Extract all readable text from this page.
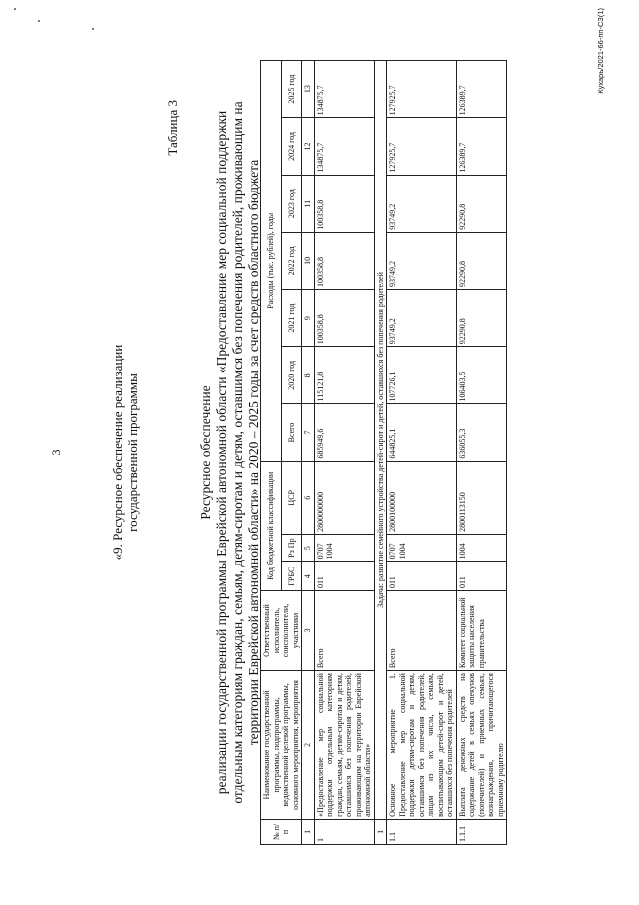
3	«9. Ресурсное обеспечение реализации государственной программы
Таблица 3
Ресурсное обеспечение реализации государственной программы Еврейской автономной области «Предоставление мер социальной поддержки отдельным категориям граждан, семьям, детям-сиротам и детям, оставшимся без попечения родителей, проживающим на территории Еврейской автономной области» на 2020 – 2025 годы за счет средств областного бюджета
№ п/п	Наименование государственной программы, подпрограммы, ведомственной целевой программы, основного мероприятия, мероприятия	Ответственный исполнитель, соисполнители, участники	Код бюджетной классификации			Расходы (тыс. рублей), годы						
			ГРБС	Рз Пр	ЦСР	Всего	2020 год	2021 год	2022 год	2023 год	2024 год	2025 год
1	2	3	4	5	6	7	8	9	10	11	12	13
1	«Предоставление мер социальной поддержки отдельным категориям граждан, семьям, детям-сиротам и детям, оставшимся без попечения родителей, проживающим на территории Еврейской автономной области»	Всего	011	0707 1004	2800000000	685949,6	115121,8	100358,8	100358,8	100358,8	134875,7	134875,7
1	Задача: развитие семейного устройства детей-сирот и детей, оставшихся без попечения родителей											
1.1	Основное мероприятие 1. Предоставление мер социальной поддержки детям-сиротам и детям, оставшимся без попечения родителей, лицам из их числа, семьям, воспитывающим детей-сирот и детей, оставшихся без попечения родителей	Всего	011	0707 1004	2800100000	644825,1	107726,1	93749,2	93749,2	93749,2	127925,7	127925,7
1.1.1	Выплата денежных средств на содержание детей в семьях опекунов (попечителей) и приемных семьях, вознаграждения, причитающегося приемному родителю	Комитет социальной защиты населения правительства	011	1004	2800113150	636055,3	106403,5	92290,8	92290,8	92290,8	126389,7	126389,7
Кухарь/2021-66-пп-СЗ(1)
